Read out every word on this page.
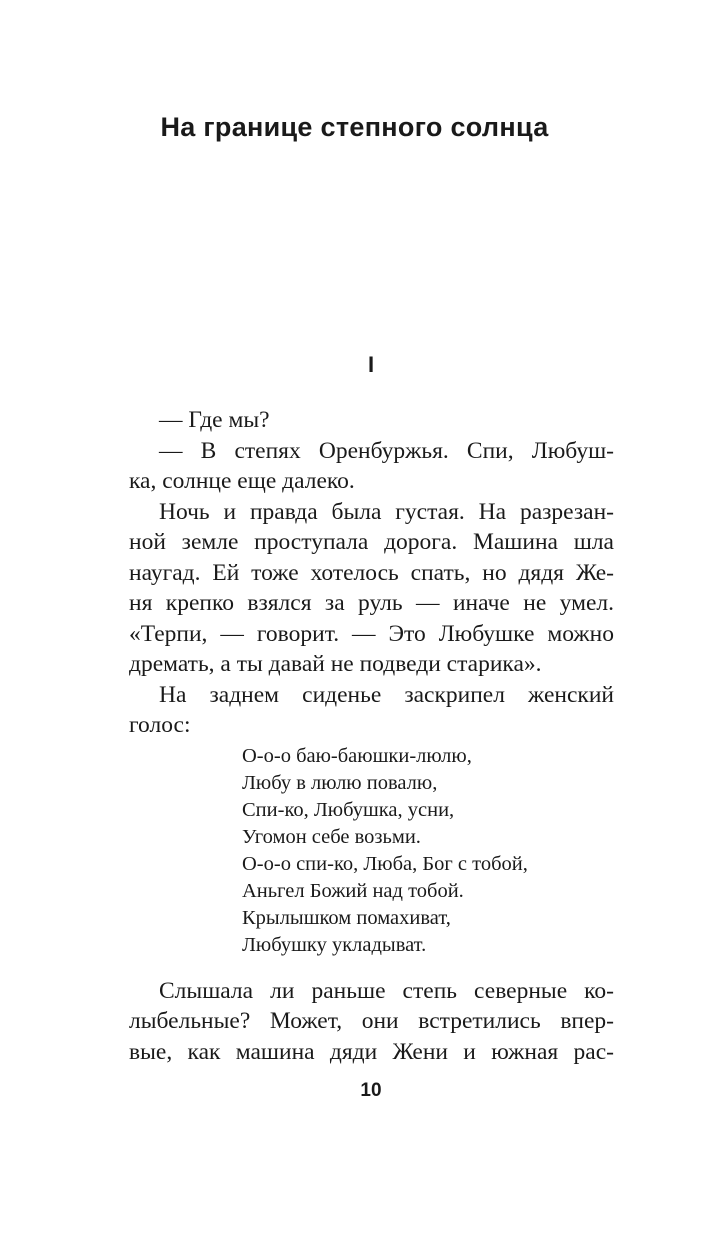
На границе степного солнца
I
— Где мы?
— В степях Оренбуржья. Спи, Любуш-
ка, солнце еще далеко.
Ночь и правда была густая. На разрезан-
ной земле проступала дорога. Машина шла
наугад. Ей тоже хотелось спать, но дядя Же-
ня крепко взялся за руль — иначе не умел.
«Терпи, — говорит. — Это Любушке можно
дремать, а ты давай не подведи старика».
На заднем сиденье заскрипел женский
голос:
О-о-о баю-баюшки-люлю,
Любу в люлю повалю,
Спи-ко, Любушка, усни,
Угомон себе возьми.
О-о-о спи-ко, Люба, Бог с тобой,
Аньгел Божий над тобой.
Крылышком помахиват,
Любушку укладыват.
Слышала ли раньше степь северные ко-
лыбельные? Может, они встретились впер-
вые, как машина дяди Жени и южная рас-
10
